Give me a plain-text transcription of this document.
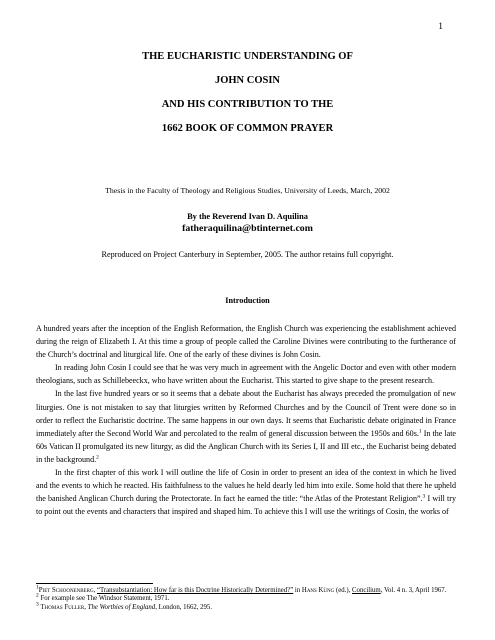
1
THE EUCHARISTIC UNDERSTANDING OF
JOHN COSIN
AND HIS CONTRIBUTION TO THE
1662 BOOK OF COMMON PRAYER
Thesis in the Faculty of Theology and Religious Studies, University of Leeds, March, 2002
By the Reverend Ivan D. Aquilina
fatheraquilina@btinternet.com
Reproduced on Project Canterbury in September, 2005. The author retains full copyright.
Introduction

A hundred years after the inception of the English Reformation, the English Church was experiencing the establishment achieved during the reign of Elizabeth I. At this time a group of people called the Caroline Divines were contributing to the furtherance of the Church’s doctrinal and liturgical life. One of the early of these divines is John Cosin.

In reading John Cosin I could see that he was very much in agreement with the Angelic Doctor and even with other modern theologians, such as Schillebeeckx, who have written about the Eucharist. This started to give shape to the present research.

In the last five hundred years or so it seems that a debate about the Eucharist has always preceded the promulgation of new liturgies. One is not mistaken to say that liturgies written by Reformed Churches and by the Council of Trent were done so in order to reflect the Eucharistic doctrine. The same happens in our own days. It seems that Eucharistic debate originated in France immediately after the Second World War and percolated to the realm of general discussion between the 1950s and 60s.$^1$ In the late 60s Vatican II promulgated its new liturgy, as did the Anglican Church with its Series I, II and III etc., the Eucharist being debated in the background.$^2$

In the first chapter of this work I will outline the life of Cosin in order to present an idea of the context in which he lived and the events to which he reacted. His faithfulness to the values he held dearly led him into exile. Some hold that there he upheld the banished Anglican Church during the Protectorate. In fact he earned the title: “the Atlas of the Protestant Religion”.$^3$ I will try to point out the events and characters that inspired and shaped him. To achieve this I will use the writings of Cosin, the works of

$^1$Piet Schoonenberg, “Transubstantiation: How far is this Doctrine Historically Determined?” in Hans Küng (ed.), Concilium, Vol. 4 n. 3, April 1967.

$^2$ For example see The Windsor Statement, 1971.

$^3$ Thomas Fuller, The Worthies of England, London, 1662, 295.
